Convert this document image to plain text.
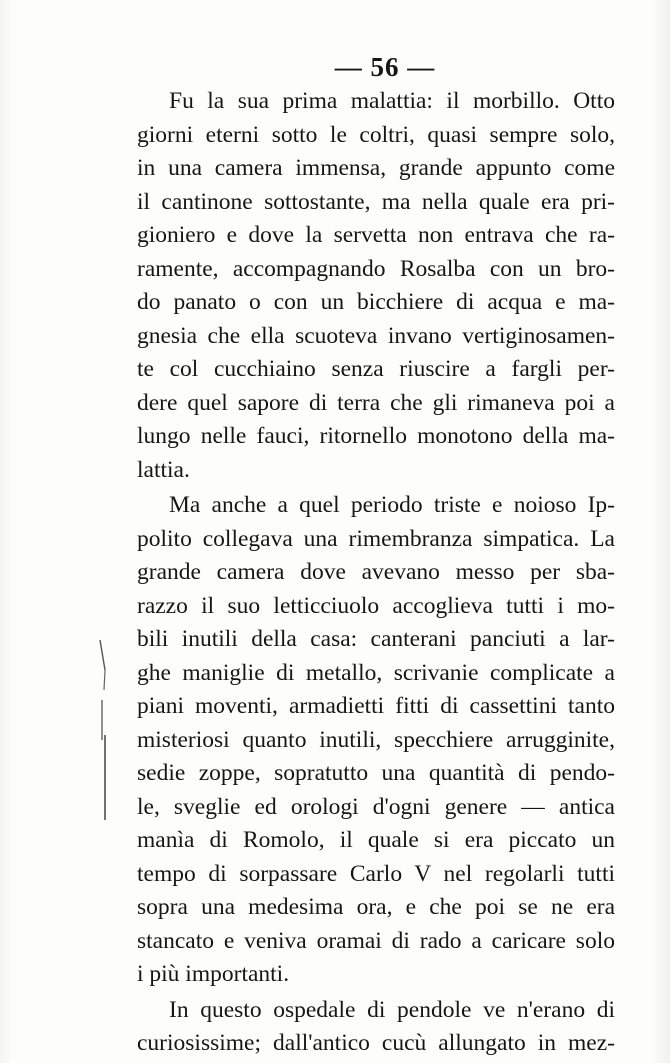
— 56 —
Fu la sua prima malattia: il morbillo. Otto
giorni eterni sotto le coltri, quasi sempre solo,
in una camera immensa, grande appunto come
il cantinone sottostante, ma nella quale era pri-
gioniero e dove la servetta non entrava che ra-
ramente, accompagnando Rosalba con un bro-
do panato o con un bicchiere di acqua e ma-
gnesia che ella scuoteva invano vertiginosamen-
te col cucchiaino senza riuscire a fargli per-
dere quel sapore di terra che gli rimaneva poi a
lungo nelle fauci, ritornello monotono della ma-
lattia.
Ma anche a quel periodo triste e noioso Ip-
polito collegava una rimembranza simpatica. La
grande camera dove avevano messo per sba-
razzo il suo letticciuolo accoglieva tutti i mo-
bili inutili della casa: canterani panciuti a lar-
ghe maniglie di metallo, scrivanie complicate a
piani moventi, armadietti fitti di cassettini tanto
misteriosi quanto inutili, specchiere arrugginite,
sedie zoppe, sopratutto una quantità di pendo-
le, sveglie ed orologi d'ogni genere — antica
manìa di Romolo, il quale si era piccato un
tempo di sorpassare Carlo V nel regolarli tutti
sopra una medesima ora, e che poi se ne era
stancato e veniva oramai di rado a caricare solo
i più importanti.
In questo ospedale di pendole ve n'erano di
curiosissime; dall'antico cucù allungato in mez-
